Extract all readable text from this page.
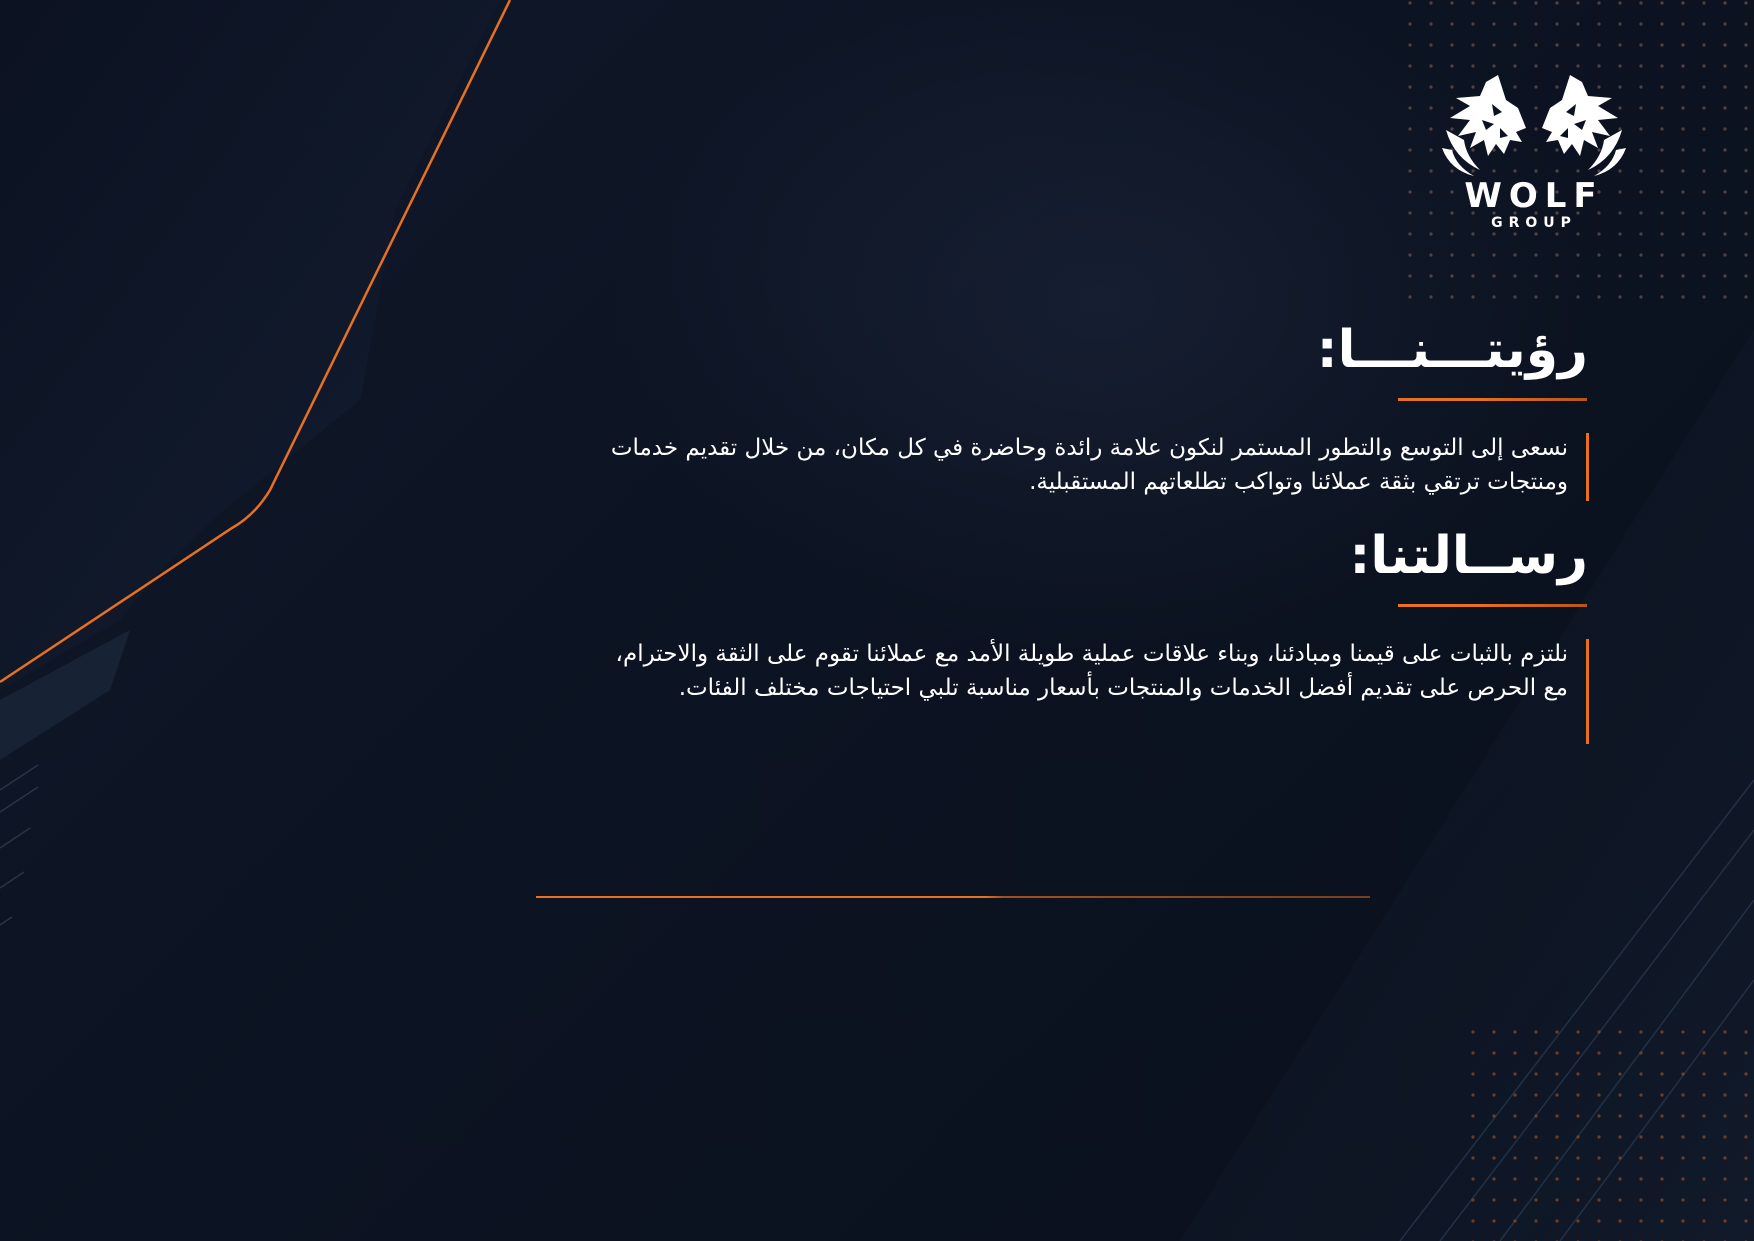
WOLF
GROUP
رؤيتـــنـــا:
نسعى إلى التوسع والتطور المستمر لنكون علامة رائدة وحاضرة في كل مكان، من خلال تقديم خدمات ومنتجات ترتقي بثقة عملائنا وتواكب تطلعاتهم المستقبلية.
رســالتنا:
نلتزم بالثبات على قيمنا ومبادئنا، وبناء علاقات عملية طويلة الأمد مع عملائنا تقوم على الثقة والاحترام، مع الحرص على تقديم أفضل الخدمات والمنتجات بأسعار مناسبة تلبي احتياجات مختلف الفئات.
